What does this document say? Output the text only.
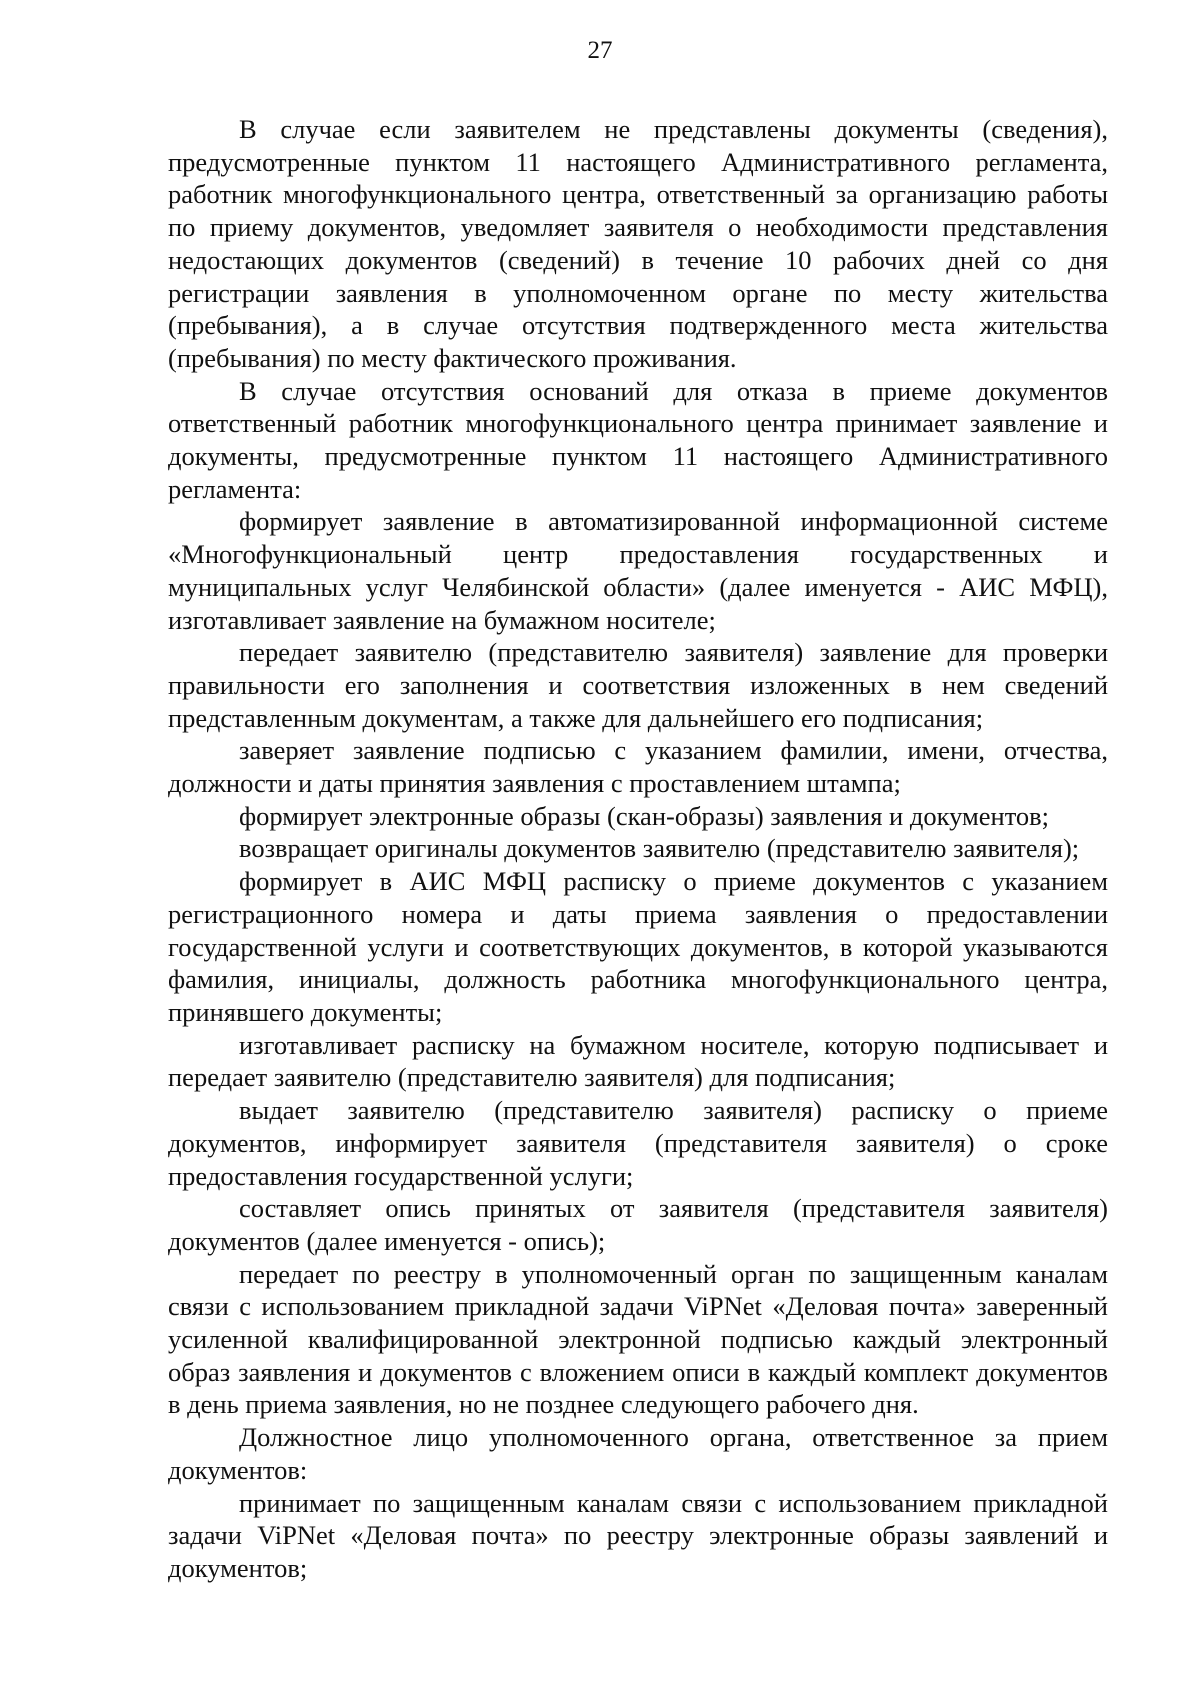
27

В случае если заявителем не представлены документы (сведения), предусмотренные пунктом 11 настоящего Административного регламента, работник многофункционального центра, ответственный за организацию работы по приему документов, уведомляет заявителя о необходимости представления недостающих документов (сведений) в течение 10 рабочих дней со дня регистрации заявления в уполномоченном органе по месту жительства (пребывания), а в случае отсутствия подтвержденного места жительства (пребывания) по месту фактического проживания.

В случае отсутствия оснований для отказа в приеме документов ответственный работник многофункционального центра принимает заявление и документы, предусмотренные пунктом 11 настоящего Административного регламента:

формирует заявление в автоматизированной информационной системе «Многофункциональный центр предоставления государственных и муниципальных услуг Челябинской области» (далее именуется - АИС МФЦ), изготавливает заявление на бумажном носителе;

передает заявителю (представителю заявителя) заявление для проверки правильности его заполнения и соответствия изложенных в нем сведений представленным документам, а также для дальнейшего его подписания;

заверяет заявление подписью с указанием фамилии, имени, отчества, должности и даты принятия заявления с проставлением штампа;

формирует электронные образы (скан-образы) заявления и документов;

возвращает оригиналы документов заявителю (представителю заявителя);

формирует в АИС МФЦ расписку о приеме документов с указанием регистрационного номера и даты приема заявления о предоставлении государственной услуги и соответствующих документов, в которой указываются фамилия, инициалы, должность работника многофункционального центра, принявшего документы;

изготавливает расписку на бумажном носителе, которую подписывает и передает заявителю (представителю заявителя) для подписания;

выдает заявителю (представителю заявителя) расписку о приеме документов, информирует заявителя (представителя заявителя) о сроке предоставления государственной услуги;

составляет опись принятых от заявителя (представителя заявителя) документов (далее именуется - опись);

передает по реестру в уполномоченный орган по защищенным каналам связи с использованием прикладной задачи ViPNet «Деловая почта» заверенный усиленной квалифицированной электронной подписью каждый электронный образ заявления и документов с вложением описи в каждый комплект документов в день приема заявления, но не позднее следующего рабочего дня.

Должностное лицо уполномоченного органа, ответственное за прием документов:

принимает по защищенным каналам связи с использованием прикладной задачи ViPNet «Деловая почта» по реестру электронные образы заявлений и документов;
